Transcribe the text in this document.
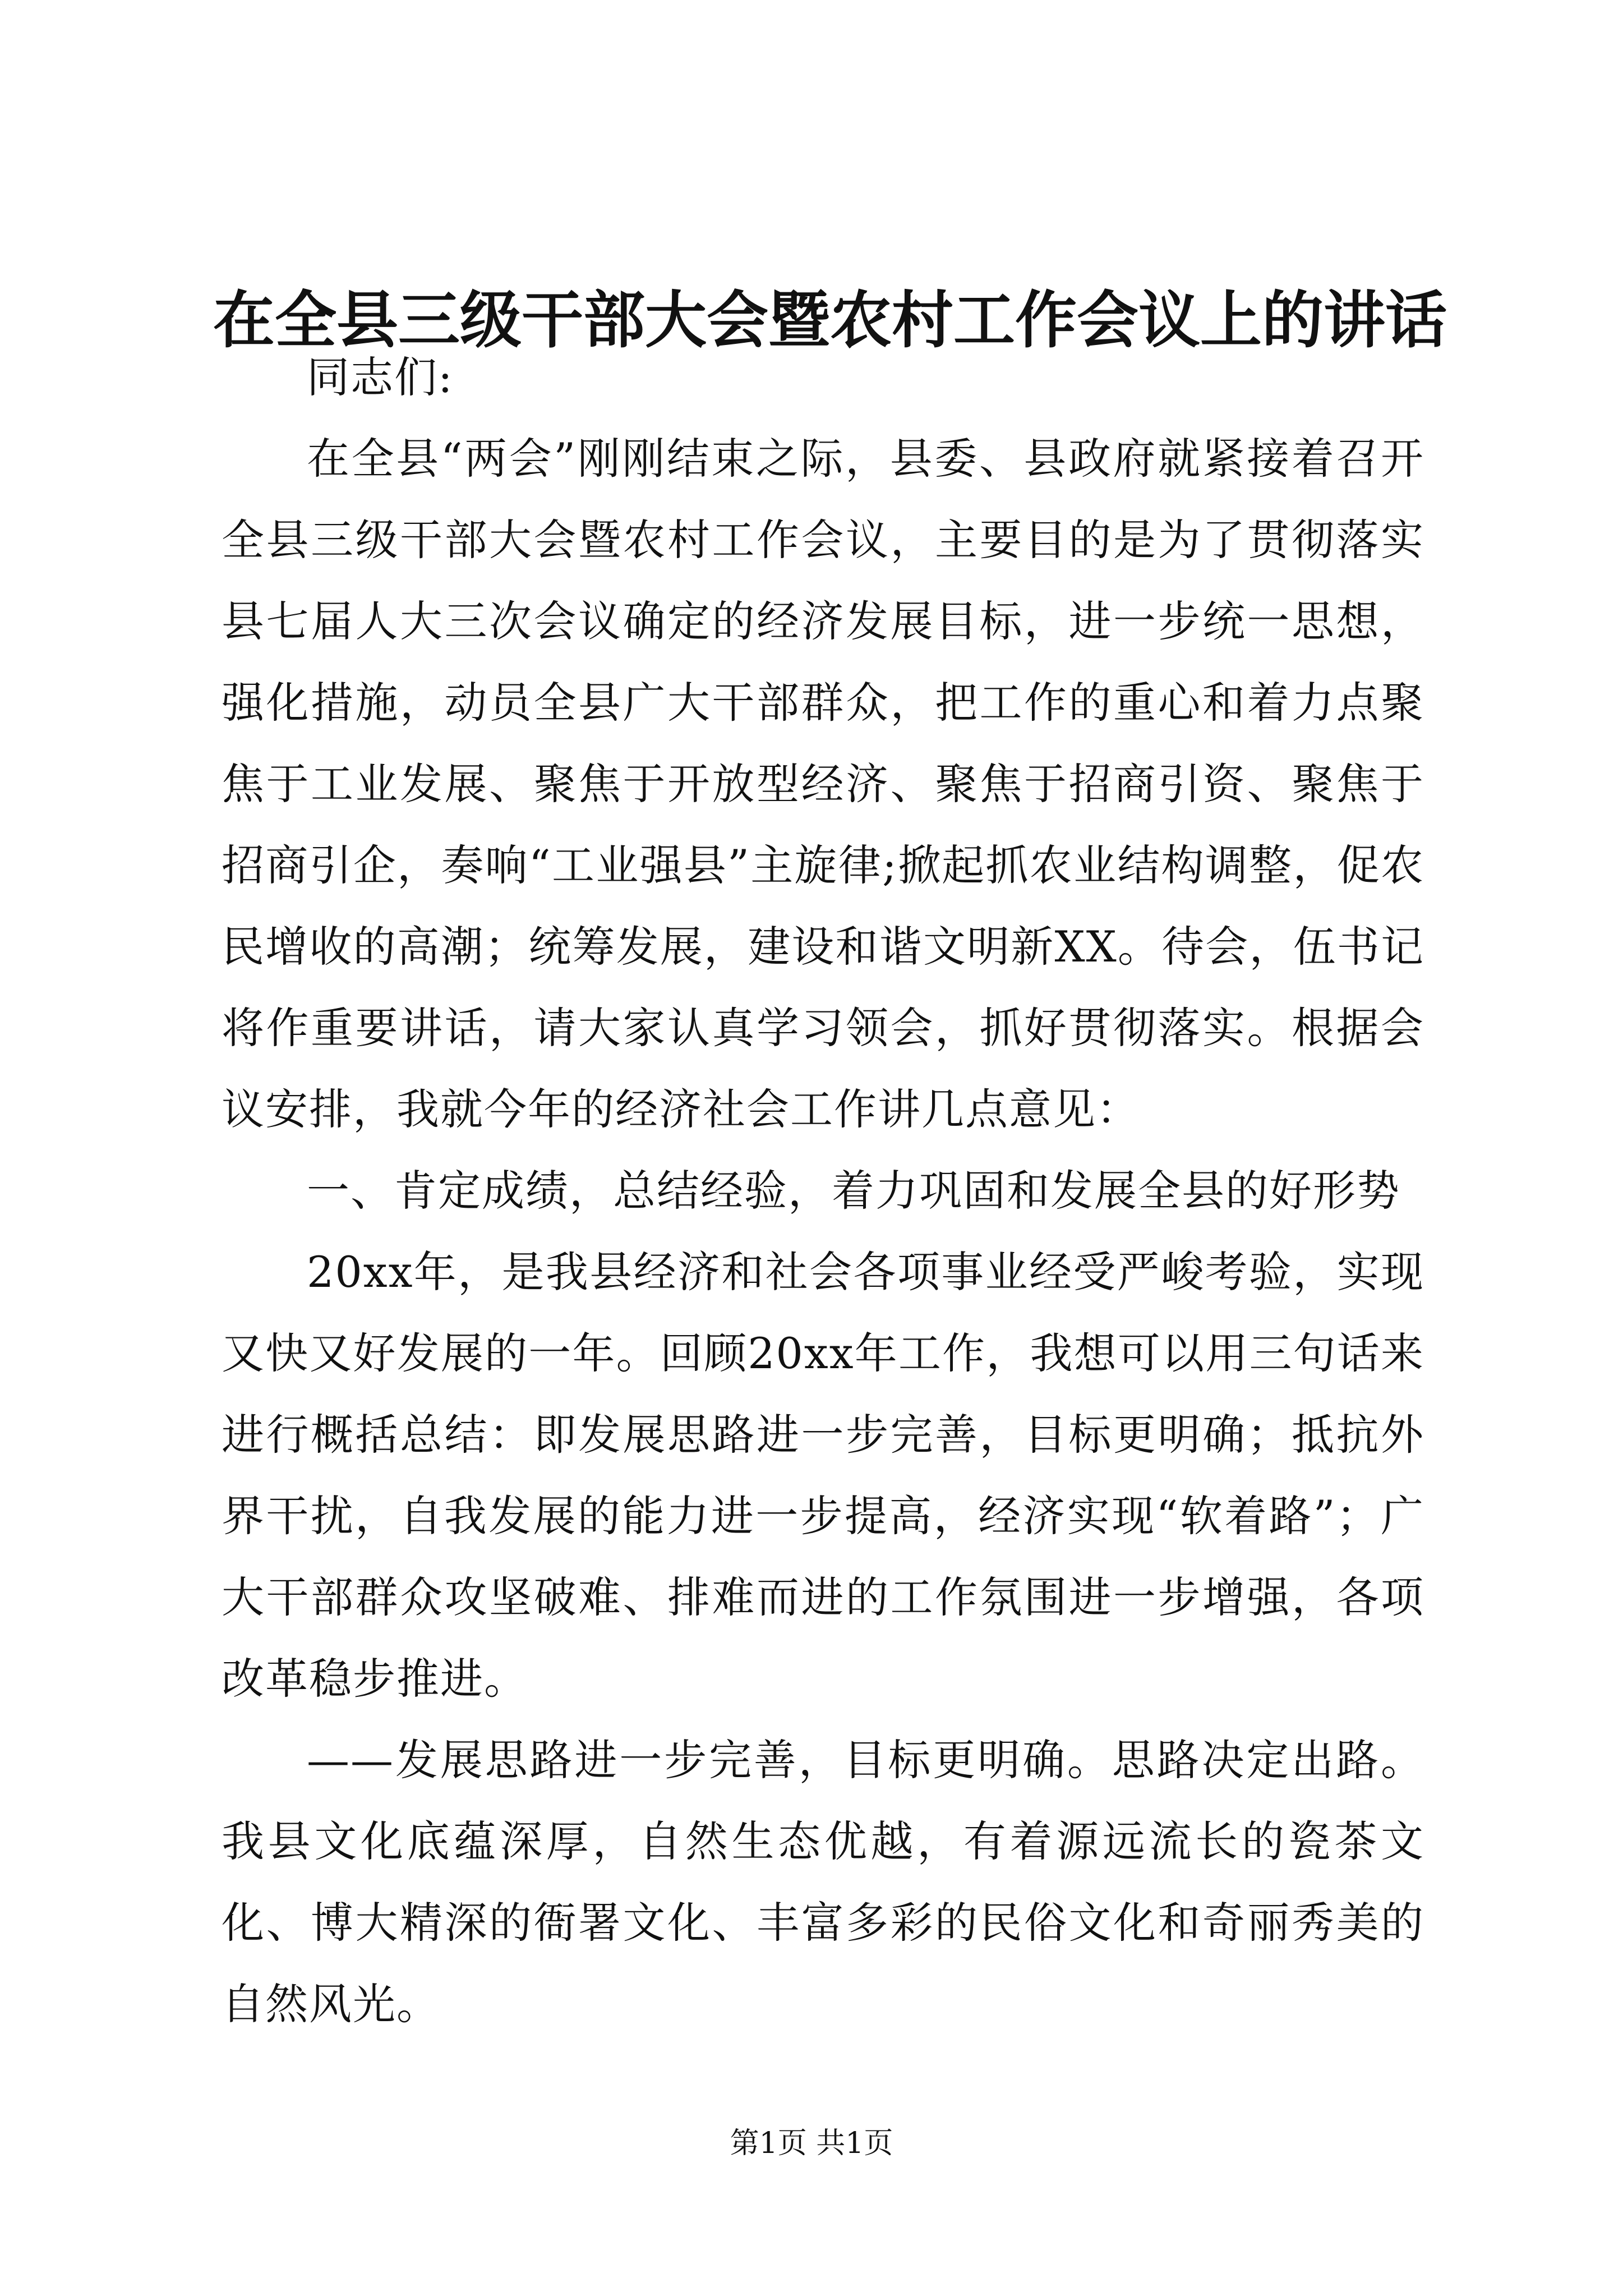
在全县三级干部大会暨农村工作会议上的讲话

同志们:

在全县“两会”刚刚结束之际，县委、县政府就紧接着召开全县三级干部大会暨农村工作会议，主要目的是为了贯彻落实县七届人大三次会议确定的经济发展目标，进一步统一思想，强化措施，动员全县广大干部群众，把工作的重心和着力点聚焦于工业发展、聚焦于开放型经济、聚焦于招商引资、聚焦于招商引企，奏响“工业强县”主旋律;掀起抓农业结构调整，促农民增收的高潮；统筹发展，建设和谐文明新XX。待会，伍书记将作重要讲话，请大家认真学习领会，抓好贯彻落实。根据会议安排，我就今年的经济社会工作讲几点意见：

一、肯定成绩，总结经验，着力巩固和发展全县的好形势

20xx年，是我县经济和社会各项事业经受严峻考验，实现又快又好发展的一年。回顾20xx年工作，我想可以用三句话来进行概括总结：即发展思路进一步完善，目标更明确；抵抗外界干扰，自我发展的能力进一步提高，经济实现“软着路”；广大干部群众攻坚破难、排难而进的工作氛围进一步增强，各项改革稳步推进。

——发展思路进一步完善，目标更明确。思路决定出路。我县文化底蕴深厚，自然生态优越，有着源远流长的瓷茶文化、博大精深的衙署文化、丰富多彩的民俗文化和奇丽秀美的自然风光。

第1页 共1页
